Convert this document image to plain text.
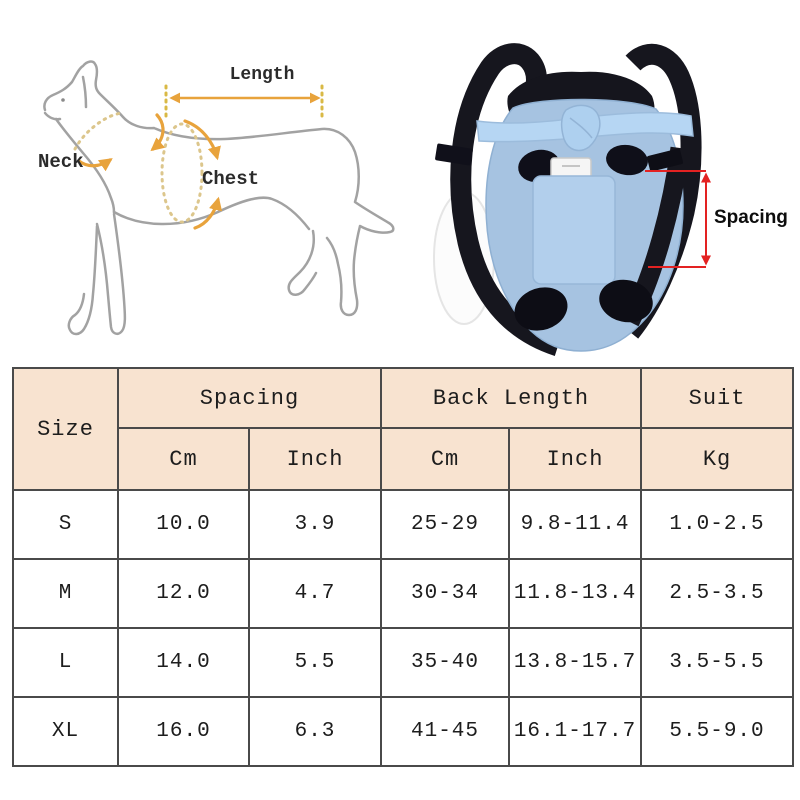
Length
Neck
Chest
Spacing
Size	Spacing		Back Length		Suit
	Cm	Inch	Cm	Inch	Kg
S	10.0	3.9	25-29	9.8-11.4	1.0-2.5
M	12.0	4.7	30-34	11.8-13.4	2.5-3.5
L	14.0	5.5	35-40	13.8-15.7	3.5-5.5
XL	16.0	6.3	41-45	16.1-17.7	5.5-9.0
